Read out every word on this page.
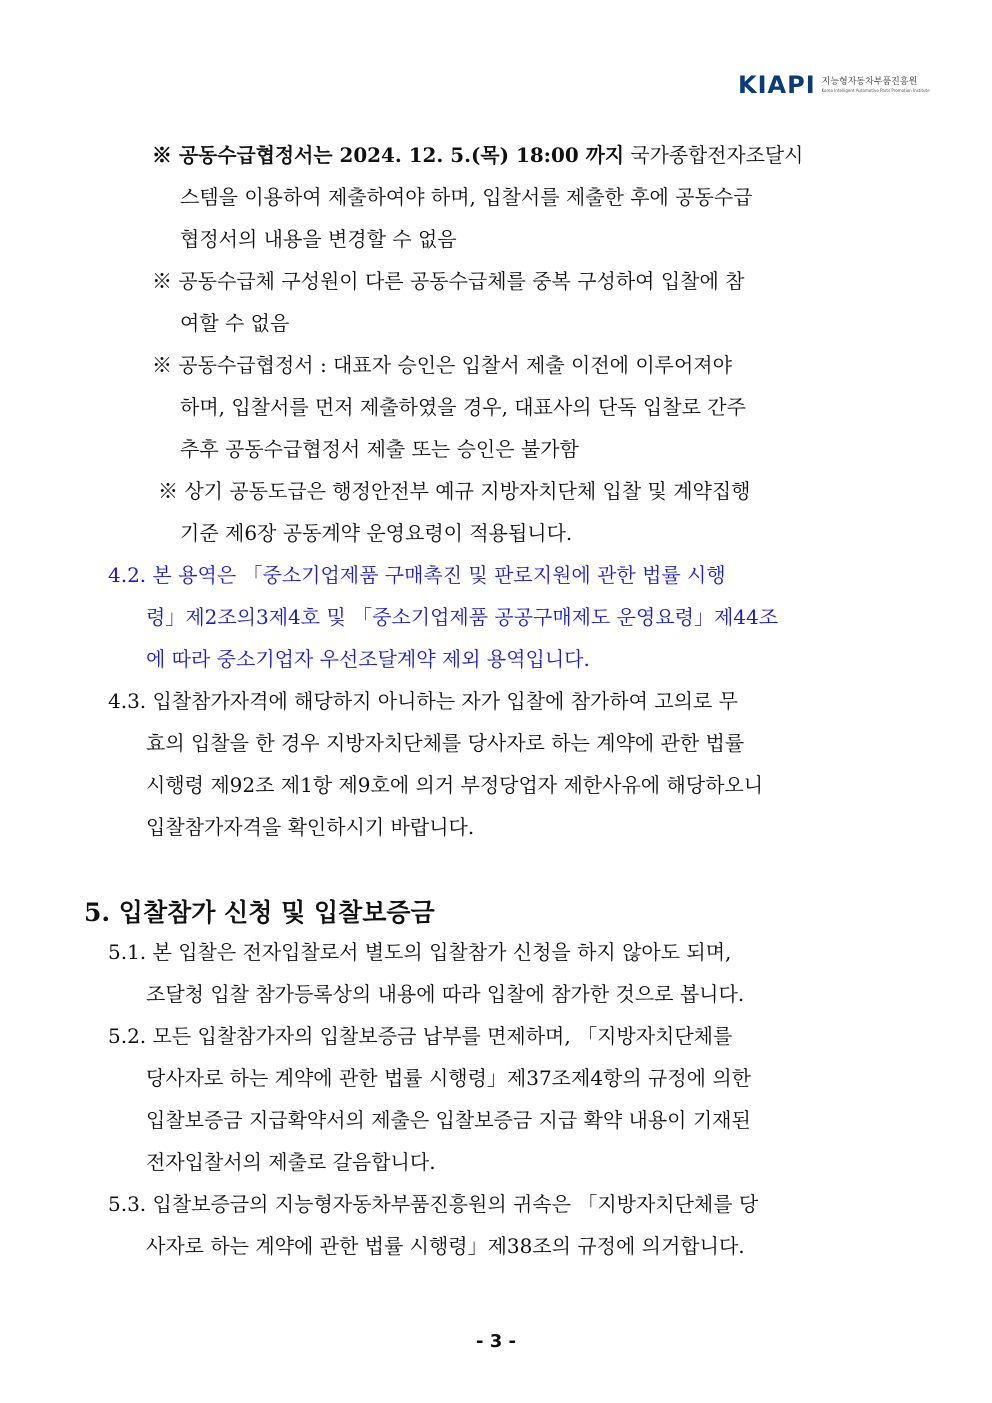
KIAPI 지능형자동차부품진흥원
Korea Intelligent Automotive Parts Promotion Institute
※ 공동수급협정서는 2024. 12. 5.(목) 18:00 까지 국가종합전자조달시
스템을 이용하여 제출하여야 하며, 입찰서를 제출한 후에 공동수급
협정서의 내용을 변경할 수 없음
※ 공동수급체 구성원이 다른 공동수급체를 중복 구성하여 입찰에 참
여할 수 없음
※ 공동수급협정서 : 대표자 승인은 입찰서 제출 이전에 이루어져야
하며, 입찰서를 먼저 제출하였을 경우, 대표사의 단독 입찰로 간주
추후 공동수급협정서 제출 또는 승인은 불가함
※ 상기 공동도급은 행정안전부 예규 지방자치단체 입찰 및 계약집행
기준 제6장 공동계약 운영요령이 적용됩니다.
4.2. 본 용역은 「중소기업제품 구매촉진 및 판로지원에 관한 법률 시행
령」제2조의3제4호 및 「중소기업제품 공공구매제도 운영요령」제44조
에 따라 중소기업자 우선조달계약 제외 용역입니다.
4.3. 입찰참가자격에 해당하지 아니하는 자가 입찰에 참가하여 고의로 무
효의 입찰을 한 경우 지방자치단체를 당사자로 하는 계약에 관한 법률
시행령 제92조 제1항 제9호에 의거 부정당업자 제한사유에 해당하오니
입찰참가자격을 확인하시기 바랍니다.
5. 입찰참가 신청 및 입찰보증금
5.1. 본 입찰은 전자입찰로서 별도의 입찰참가 신청을 하지 않아도 되며,
조달청 입찰 참가등록상의 내용에 따라 입찰에 참가한 것으로 봅니다.
5.2. 모든 입찰참가자의 입찰보증금 납부를 면제하며, 「지방자치단체를
당사자로 하는 계약에 관한 법률 시행령」제37조제4항의 규정에 의한
입찰보증금 지급확약서의 제출은 입찰보증금 지급 확약 내용이 기재된
전자입찰서의 제출로 갈음합니다.
5.3. 입찰보증금의 지능형자동차부품진흥원의 귀속은 「지방자치단체를 당
사자로 하는 계약에 관한 법률 시행령」제38조의 규정에 의거합니다.
- 3 -
